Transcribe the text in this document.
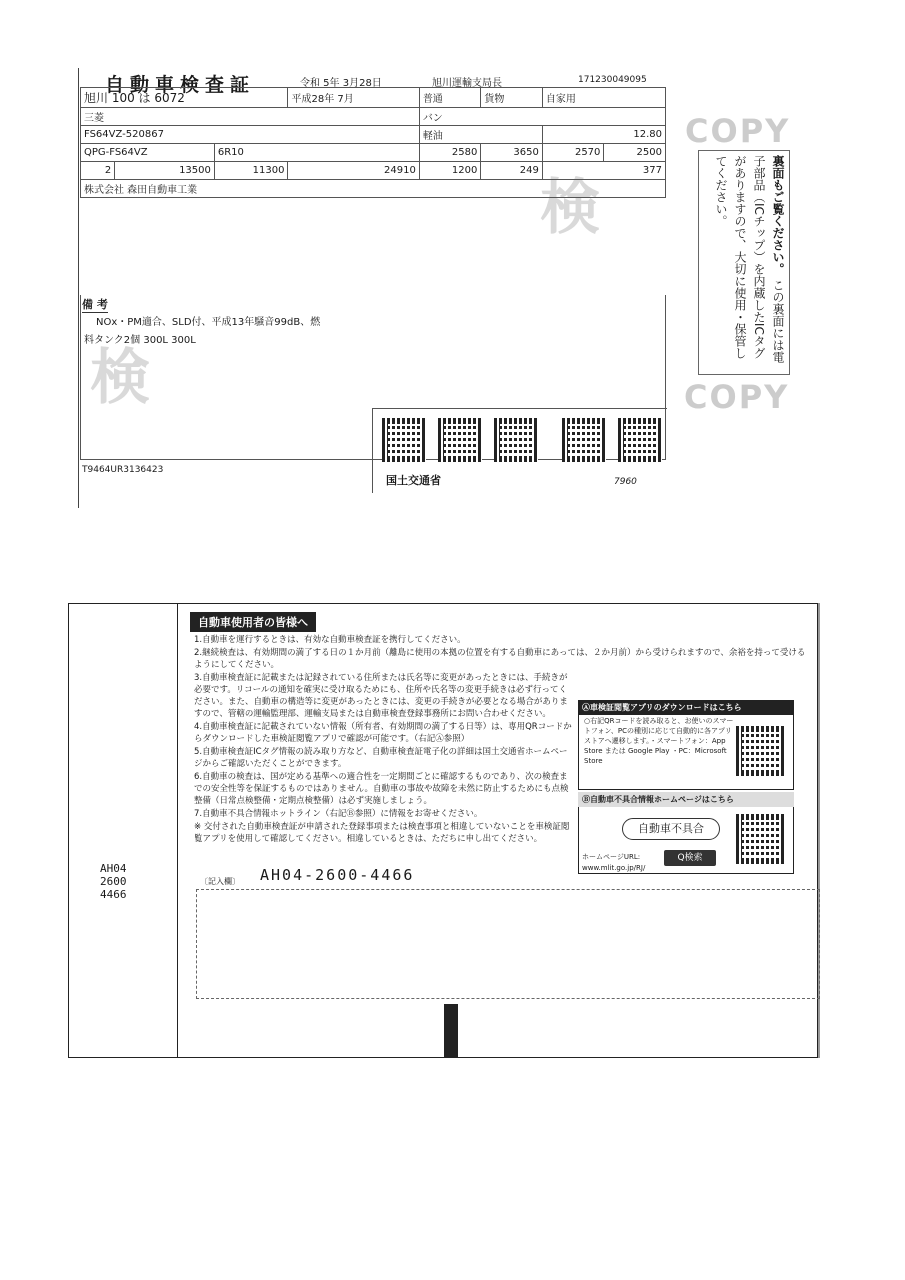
検
検
COPY
COPY
自動車検査証	令和 5年 3月28日	旭川運輸支局長	171230049095
旭川 100 は 6072			平成28年 7月	普通	貨物	自家用	
三菱				バン			
FS64VZ-520867				軽油		12.80	
QPG-FS64VZ		6R10		2580	3650	2570	2500
2	13500	11300	24910	1200	249	377	
株式会社 森田自動車工業							
備 考
NOx・PM適合、SLD付、平成13年騒音99dB、燃
料タンク2個 300L 300L
国土交通省
T9464UR3136423
7960
裏面もご覧ください。 この裏面には電子部品（ICチップ）を内蔵したICタグがありますので、大切に使用・保管してください。
AH04
2600
4466
自動車使用者の皆様へ

1.自動車を運行するときは、有効な自動車検査証を携行してください。

2.継続検査は、有効期間の満了する日の１か月前（離島に使用の本拠の位置を有する自動車にあっては、２か月前）から受けられますので、余裕を持って受けるようにしてください。

3.自動車検査証に記載または記録されている住所または氏名等に変更があったときには、手続きが必要です。リコールの通知を確実に受け取るためにも、住所や氏名等の変更手続きは必ず行ってください。また、自動車の構造等に変更があったときには、変更の手続きが必要となる場合がありますので、管轄の運輸監理部、運輸支局または自動車検査登録事務所にお問い合わせください。

4.自動車検査証に記載されていない情報（所有者、有効期間の満了する日等）は、専用QRコードからダウンロードした車検証閲覧アプリで確認が可能です。（右記Ⓐ参照）

5.自動車検査証ICタグ情報の読み取り方など、自動車検査証電子化の詳細は国土交通省ホームページからご確認いただくことができます。

6.自動車の検査は、国が定める基準への適合性を一定期間ごとに確認するものであり、次の検査までの安全性等を保証するものではありません。自動車の事故や故障を未然に防止するためにも点検整備（日常点検整備・定期点検整備）は必ず実施しましょう。

7.自動車不具合情報ホットライン（右記Ⓑ参照）に情報をお寄せください。

※ 交付された自動車検査証が申請された登録事項または検査事項と相違していないことを車検証閲覧アプリを使用して確認してください。相違しているときは、ただちに申し出てください。

Ⓐ車検証閲覧アプリのダウンロードはこちら
○右記QRコードを読み取ると、お使いのスマートフォン、PCの種別に応じて自動的に各アプリストアへ遷移します。・スマートフォン：App Store または Google Play ・PC：Microsoft Store
Ⓑ自動車不具合情報ホームページはこちら
自動車不具合
ホームページURL:
www.mlit.go.jp/RJ/
Q検索
〔記入欄〕 AH04-2600-4466
